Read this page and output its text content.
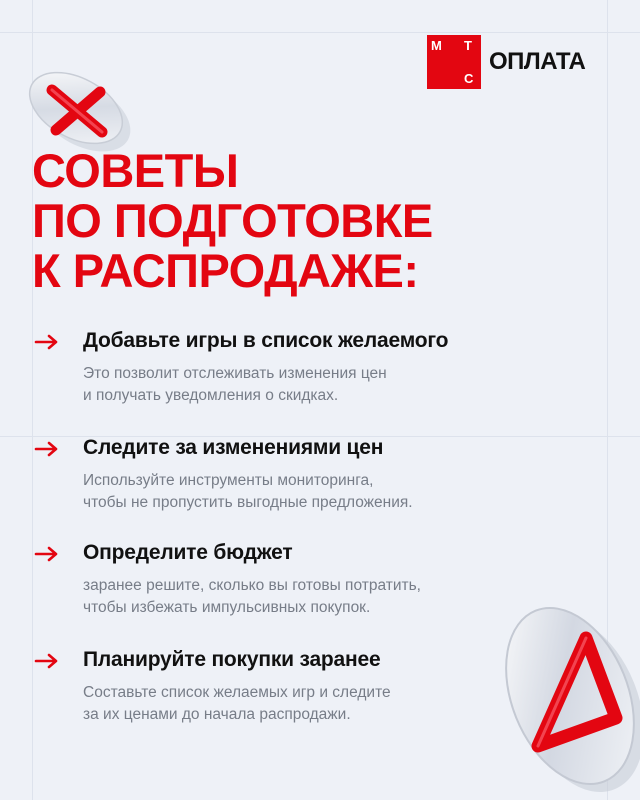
М Т
С
ОПЛАТА
СОВЕТЫ
ПО ПОДГОТОВКЕ
К РАСПРОДАЖЕ:
Добавьте игры в список желаемого
Это позволит отслеживать изменения цен
и получать уведомления о скидках.
Следите за изменениями цен
Используйте инструменты мониторинга,
чтобы не пропустить выгодные предложения.
Определите бюджет
заранее решите, сколько вы готовы потратить,
чтобы избежать импульсивных покупок.
Планируйте покупки заранее
Составьте список желаемых игр и следите
за их ценами до начала распродажи.
